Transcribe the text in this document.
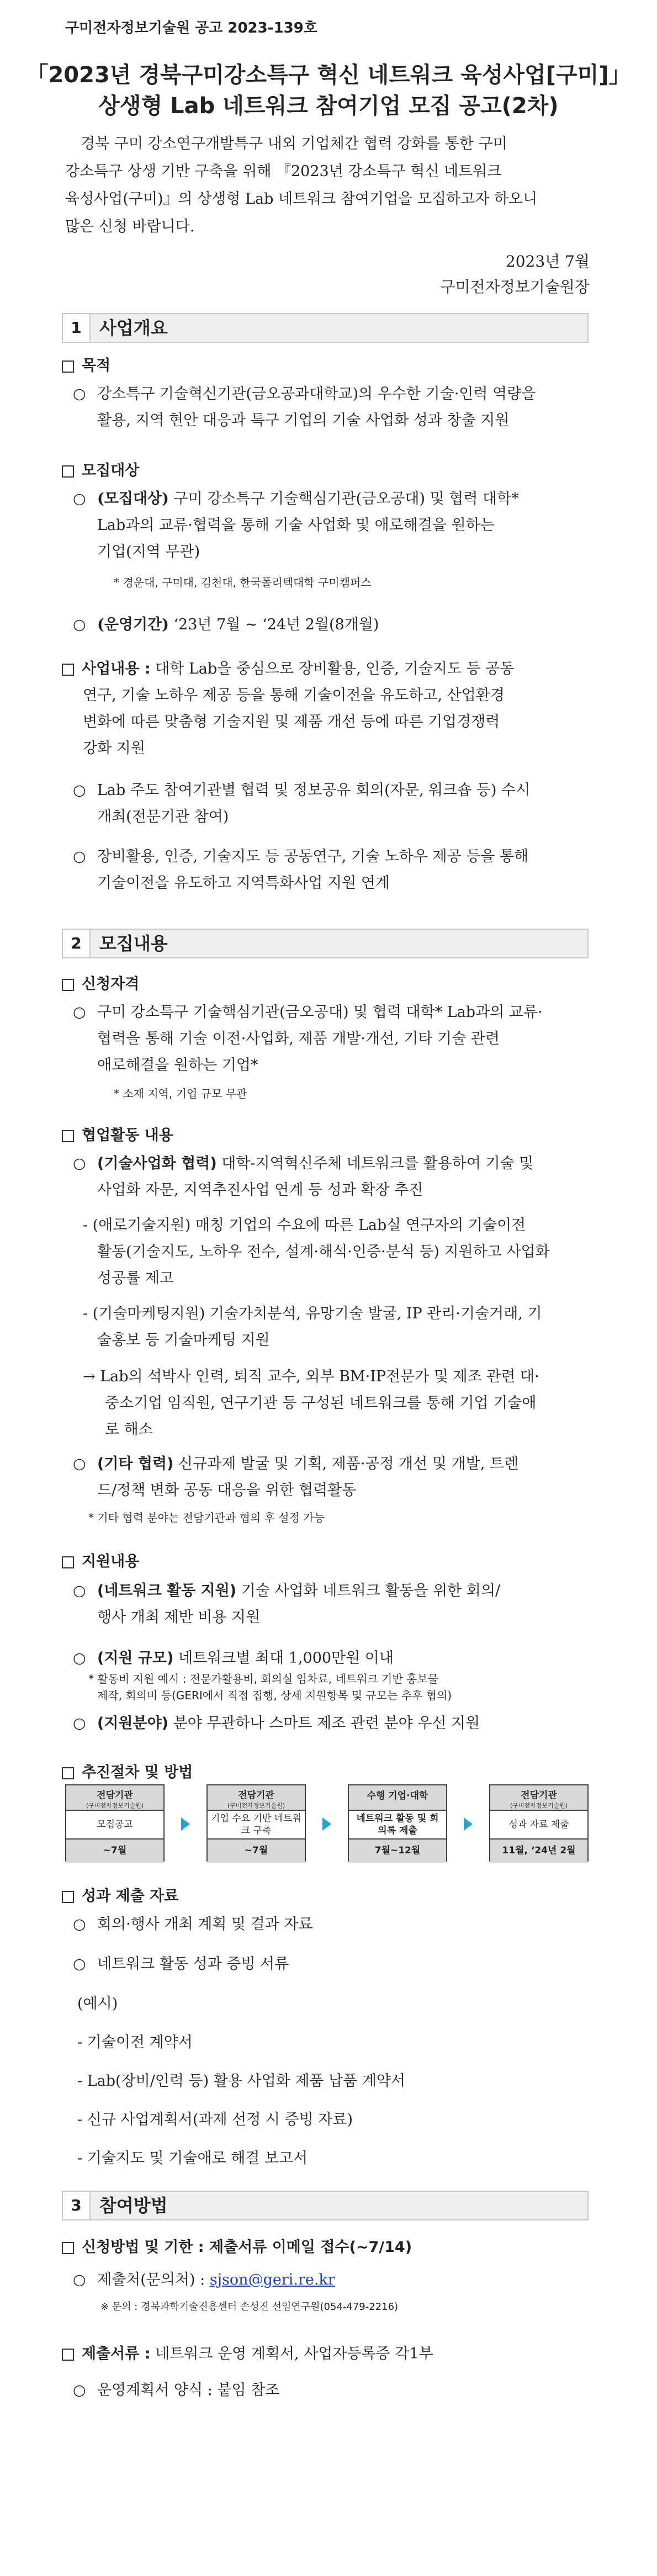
구미전자정보기술원 공고 2023-139호
「2023년 경북구미강소특구 혁신 네트워크 육성사업[구미]」
상생형 Lab 네트워크 참여기업 모집 공고(2차)
경북 구미 강소연구개발특구 내외 기업체간 협력 강화를 통한 구미
강소특구 상생 기반 구축을 위해 『2023년 강소특구 혁신 네트워크
육성사업(구미)』의 상생형 Lab 네트워크 참여기업을 모집하고자 하오니
많은 신청 바랍니다.
2023년 7월
구미전자정보기술원장
1	사업개요
목적
○ 강소특구 기술혁신기관(금오공과대학교)의 우수한 기술·인력 역량을
활용, 지역 현안 대응과 특구 기업의 기술 사업화 성과 창출 지원
모집대상
○ (모집대상) 구미 강소특구 기술핵심기관(금오공대) 및 협력 대학*
Lab과의 교류·협력을 통해 기술 사업화 및 애로해결을 원하는
기업(지역 무관)
* 경운대, 구미대, 김천대, 한국폴리텍대학 구미캠퍼스
○ (운영기간) ‘23년 7월 ~ ‘24년 2월(8개월)
사업내용 : 대학 Lab을 중심으로 장비활용, 인증, 기술지도 등 공동
연구, 기술 노하우 제공 등을 통해 기술이전을 유도하고, 산업환경
변화에 따른 맞춤형 기술지원 및 제품 개선 등에 따른 기업경쟁력
강화 지원
○ Lab 주도 참여기관별 협력 및 정보공유 회의(자문, 워크숍 등) 수시
개최(전문기관 참여)
○ 장비활용, 인증, 기술지도 등 공동연구, 기술 노하우 제공 등을 통해
기술이전을 유도하고 지역특화사업 지원 연계
2	모집내용
신청자격
○ 구미 강소특구 기술핵심기관(금오공대) 및 협력 대학* Lab과의 교류·
협력을 통해 기술 이전·사업화, 제품 개발·개선, 기타 기술 관련
애로해결을 원하는 기업*
* 소재 지역, 기업 규모 무관
협업활동 내용
○ (기술사업화 협력) 대학-지역혁신주체 네트워크를 활용하여 기술 및
사업화 자문, 지역추진사업 연계 등 성과 확장 추진
- (애로기술지원) 매칭 기업의 수요에 따른 Lab실 연구자의 기술이전
활동(기술지도, 노하우 전수, 설계·해석·인증·분석 등) 지원하고 사업화
성공률 제고
- (기술마케팅지원) 기술가치분석, 유망기술 발굴, IP 관리·기술거래, 기
술홍보 등 기술마케팅 지원
→ Lab의 석박사 인력, 퇴직 교수, 외부 BM·IP전문가 및 제조 관련 대·
중소기업 임직원, 연구기관 등 구성된 네트워크를 통해 기업 기술애
로 해소
○ (기타 협력) 신규과제 발굴 및 기획, 제품·공정 개선 및 개발, 트렌
드/정책 변화 공동 대응을 위한 협력활동
* 기타 협력 분야는 전담기관과 협의 후 설정 가능
지원내용
○ (네트워크 활동 지원) 기술 사업화 네트워크 활동을 위한 회의/
행사 개최 제반 비용 지원
○ (지원 규모) 네트워크별 최대 1,000만원 이내
* 활동비 지원 예시 : 전문가활용비, 회의실 임차료, 네트워크 기반 홍보물
제작, 회의비 등(GERI에서 직접 집행, 상세 지원항목 및 규모는 추후 협의)
○ (지원분야) 분야 무관하나 스마트 제조 관련 분야 우선 지원
추진절차 및 방법
전담기관
(구미전자정보기술원)
모집공고
~7월
전담기관
(구미전자정보기술원)
기업 수요 기반 네트워크 구축
~7월
수행 기업·대학
네트워크 활동 및 회의록 제출
7월~12월
전담기관
(구미전자정보기술원)
성과 자료 제출
11월, ‘24년 2월
성과 제출 자료
○ 회의·행사 개최 계획 및 결과 자료
○ 네트워크 활동 성과 증빙 서류
(예시)
- 기술이전 계약서
- Lab(장비/인력 등) 활용 사업화 제품 납품 계약서
- 신규 사업계획서(과제 선정 시 증빙 자료)
- 기술지도 및 기술애로 해결 보고서
3	참여방법
신청방법 및 기한 : 제출서류 이메일 접수(~7/14)
○ 제출처(문의처) : sjson@geri.re.kr
※ 문의 : 경북과학기술진흥센터 손성진 선임연구원(054-479-2216)
제출서류 : 네트워크 운영 계획서, 사업자등록증 각1부
○ 운영계획서 양식 : 붙임 참조
